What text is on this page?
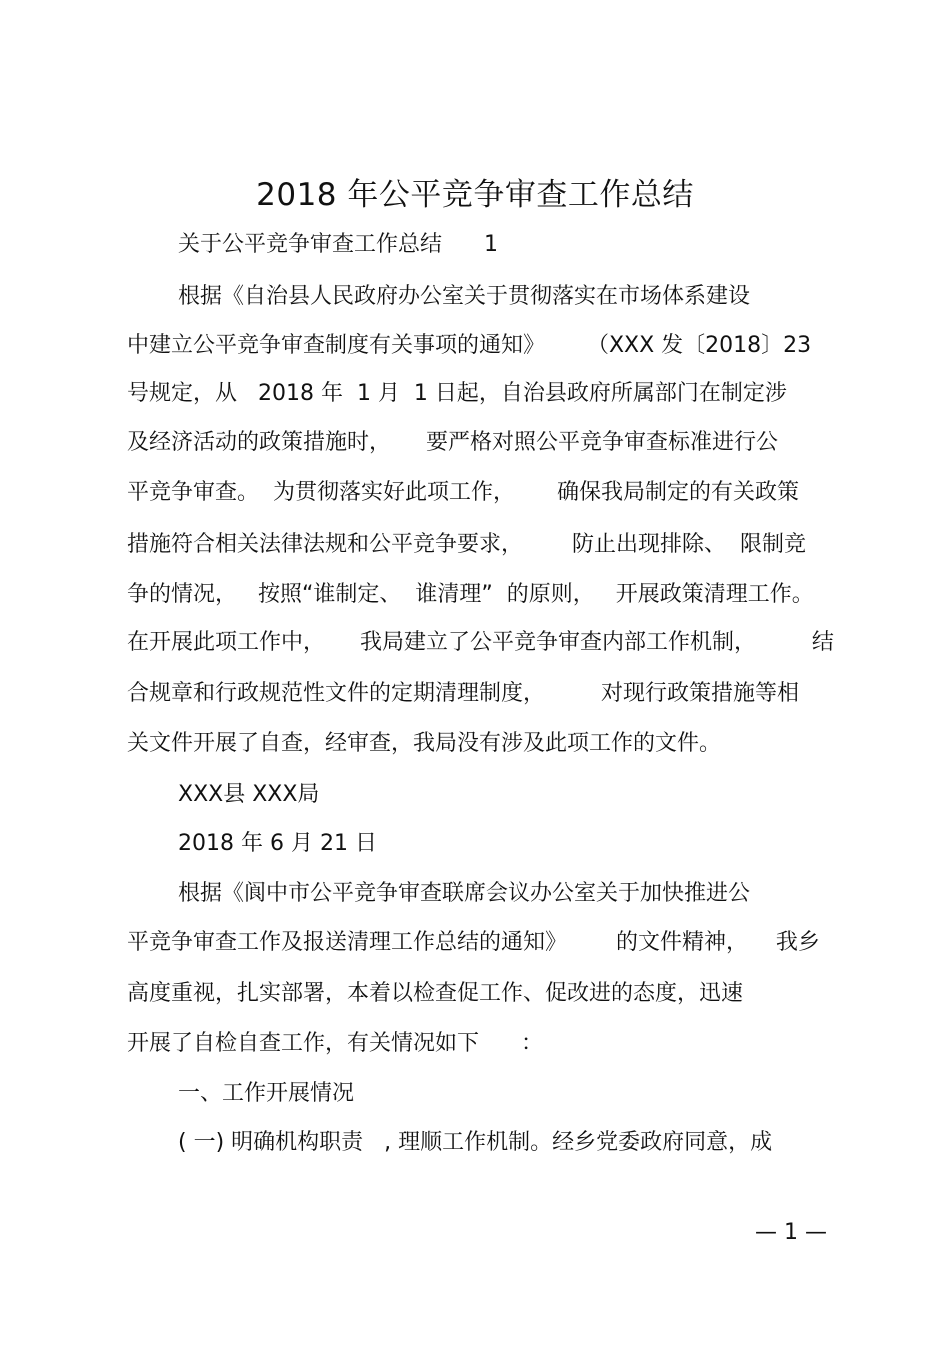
2018 年公平竞争审查工作总结
关于公平竞争审查工作总结      1
根据《自治县人民政府办公室关于贯彻落实在市场体系建设
中建立公平竞争审查制度有关事项的通知》      （XXX 发〔2018〕23
号规定，从   2018 年  1 月  1 日起，自治县政府所属部门在制定涉
及经济活动的政策措施时，     要严格对照公平竞争审查标准进行公
平竞争审查。  为贯彻落实好此项工作，      确保我局制定的有关政策
措施符合相关法律法规和公平竞争要求，       防止出现排除、  限制竞
争的情况，   按照“谁制定、  谁清理”  的原则，   开展政策清理工作。
在开展此项工作中，     我局建立了公平竞争审查内部工作机制，        结
合规章和行政规范性文件的定期清理制度，        对现行政策措施等相
关文件开展了自查，经审查，我局没有涉及此项工作的文件。
XXX县 XXX局
2018 年 6 月 21 日
根据《阆中市公平竞争审查联席会议办公室关于加快推进公
平竞争审查工作及报送清理工作总结的通知》       的文件精神，    我乡
高度重视，扎实部署，本着以检查促工作、促改进的态度，迅速
开展了自检自查工作，有关情况如下      ：
一、工作开展情况
( 一) 明确机构职责   , 理顺工作机制。经乡党委政府同意，成
— 1 —
